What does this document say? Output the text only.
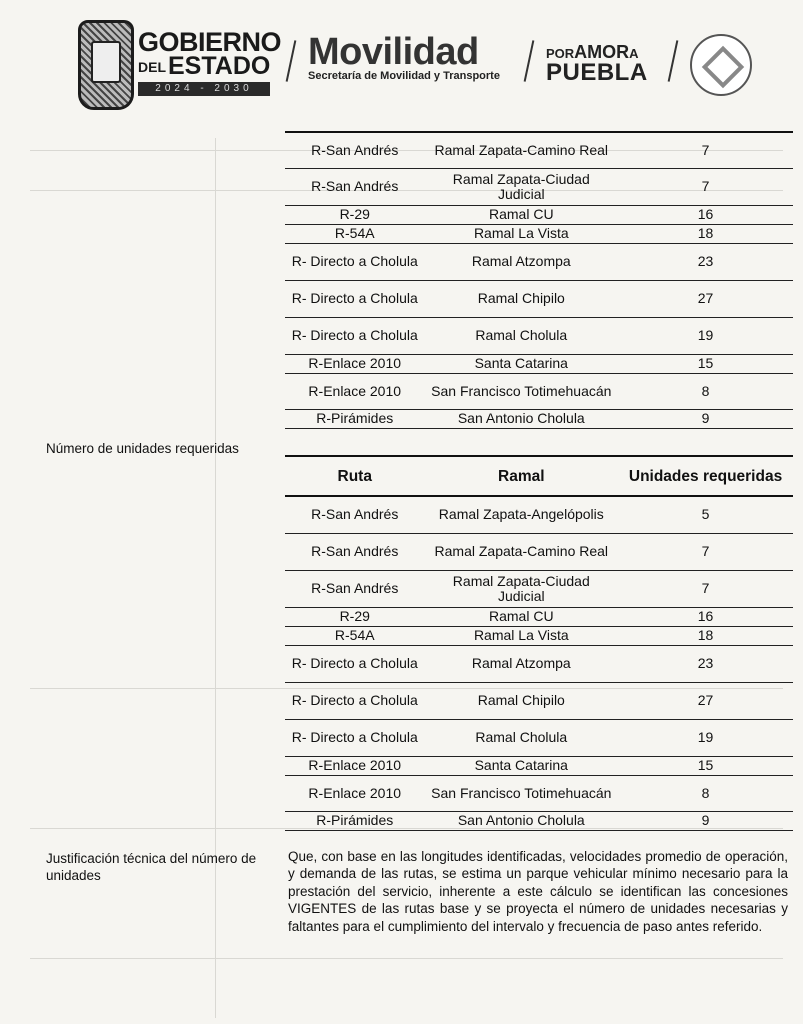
GOBIERNO
DELESTADO
2024 - 2030
Movilidad
Secretaría de Movilidad y Transporte
PORAMORA
PUEBLA
R-San Andrés	Ramal Zapata-Camino Real	7
R-San Andrés	Ramal Zapata-Ciudad Judicial	7
R-29	Ramal CU	16
R-54A	Ramal La Vista	18
R- Directo a Cholula	Ramal Atzompa	23
R- Directo a Cholula	Ramal Chipilo	27
R- Directo a Cholula	Ramal Cholula	19
R-Enlace 2010	Santa Catarina	15
R-Enlace 2010	San Francisco Totimehuacán	8
R-Pirámides	San Antonio Cholula	9
Número de unidades requeridas
Ruta	Ramal	Unidades requeridas
R-San Andrés	Ramal Zapata-Angelópolis	5
R-San Andrés	Ramal Zapata-Camino Real	7
R-San Andrés	Ramal Zapata-Ciudad Judicial	7
R-29	Ramal CU	16
R-54A	Ramal La Vista	18
R- Directo a Cholula	Ramal Atzompa	23
R- Directo a Cholula	Ramal Chipilo	27
R- Directo a Cholula	Ramal Cholula	19
R-Enlace 2010	Santa Catarina	15
R-Enlace 2010	San Francisco Totimehuacán	8
R-Pirámides	San Antonio Cholula	9
Justificación técnica del número de unidades
Que, con base en las longitudes identificadas, velocidades promedio de operación, y demanda de las rutas, se estima un parque vehicular mínimo necesario para la prestación del servicio, inherente a este cálculo se identifican las concesiones VIGENTES de las rutas base y se proyecta el número de unidades necesarias y faltantes para el cumplimiento del intervalo y frecuencia de paso antes referido.
